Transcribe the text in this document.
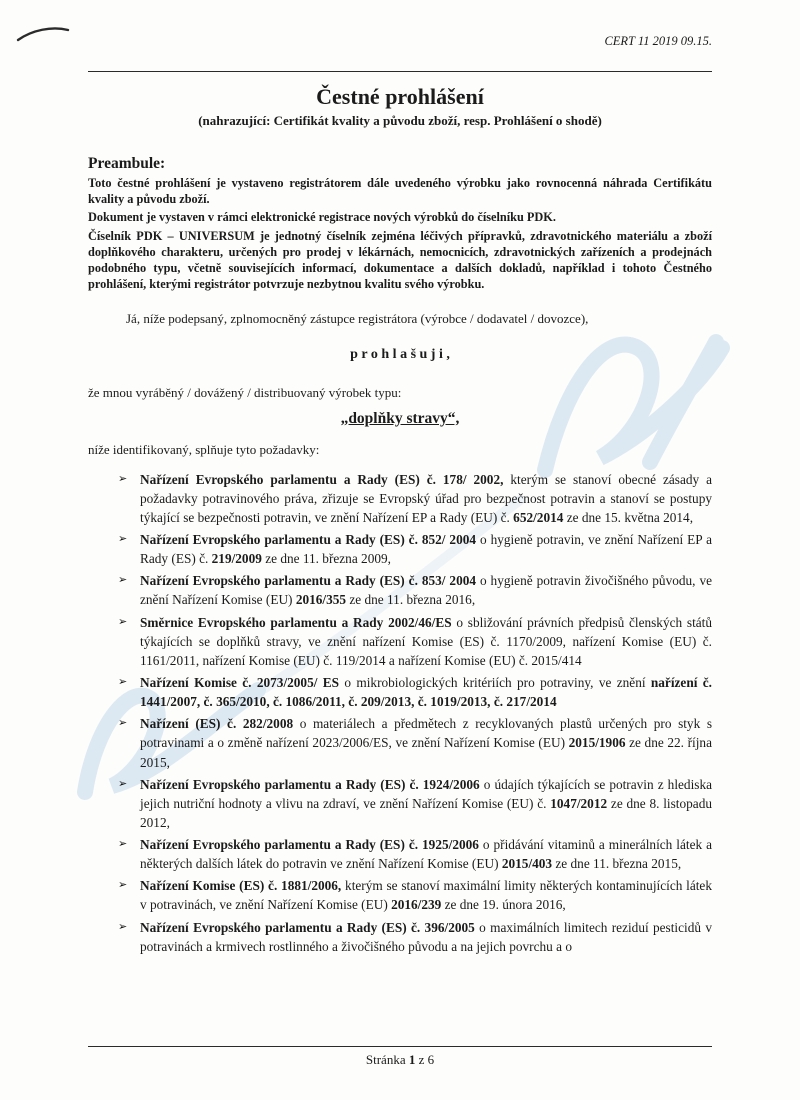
CERT 11 2019 09.15.
Čestné prohlášení
(nahrazující: Certifikát kvality a původu zboží, resp. Prohlášení o shodě)
Preambule:

Toto čestné prohlášení je vystaveno registrátorem dále uvedeného výrobku jako rovnocenná náhrada Certifikátu kvality a původu zboží.

Dokument je vystaven v rámci elektronické registrace nových výrobků do číselníku PDK.

Číselník PDK – UNIVERSUM je jednotný číselník zejména léčivých přípravků, zdravotnického materiálu a zboží doplňkového charakteru, určených pro prodej v lékárnách, nemocnicích, zdravotnických zařízeních a prodejnách podobného typu, včetně souvisejících informací, dokumentace a dalších dokladů, například i tohoto Čestného prohlášení, kterými registrátor potvrzuje nezbytnou kvalitu svého výrobku.

Já, níže podepsaný, zplnomocněný zástupce registrátora (výrobce / dodavatel / dovozce),

p r o h l a š u j i ,

že mnou vyráběný / dovážený / distribuovaný výrobek typu:

„doplňky stravy“,

níže identifikovaný, splňuje tyto požadavky:

➢ Nařízení Evropského parlamentu a Rady (ES) č. 178/ 2002, kterým se stanoví obecné zásady a požadavky potravinového práva, zřizuje se Evropský úřad pro bezpečnost potravin a stanoví se postupy týkající se bezpečnosti potravin, ve znění Nařízení EP a Rady (EU) č. 652/2014 ze dne 15. května 2014,
➢ Nařízení Evropského parlamentu a Rady (ES) č. 852/ 2004 o hygieně potravin, ve znění Nařízení EP a Rady (ES) č. 219/2009 ze dne 11. března 2009,
➢ Nařízení Evropského parlamentu a Rady (ES) č. 853/ 2004 o hygieně potravin živočišného původu, ve znění Nařízení Komise (EU) 2016/355 ze dne 11. března 2016,
➢ Směrnice Evropského parlamentu a Rady 2002/46/ES o sbližování právních předpisů členských států týkajících se doplňků stravy, ve znění nařízení Komise (ES) č. 1170/2009, nařízení Komise (EU) č. 1161/2011, nařízení Komise (EU) č. 119/2014 a nařízení Komise (EU) č. 2015/414
➢ Nařízení Komise č. 2073/2005/ ES o mikrobiologických kritériích pro potraviny, ve znění nařízení č. 1441/2007, č. 365/2010, č. 1086/2011, č. 209/2013, č. 1019/2013, č. 217/2014
➢ Nařízení (ES) č. 282/2008 o materiálech a předmětech z recyklovaných plastů určených pro styk s potravinami a o změně nařízení 2023/2006/ES, ve znění Nařízení Komise (EU) 2015/1906 ze dne 22. října 2015,
➢ Nařízení Evropského parlamentu a Rady (ES) č. 1924/2006 o údajích týkajících se potravin z hlediska jejich nutriční hodnoty a vlivu na zdraví, ve znění Nařízení Komise (EU) č. 1047/2012 ze dne 8. listopadu 2012,
➢ Nařízení Evropského parlamentu a Rady (ES) č. 1925/2006 o přidávání vitaminů a minerálních látek a některých dalších látek do potravin ve znění Nařízení Komise (EU) 2015/403 ze dne 11. března 2015,
➢ Nařízení Komise (ES) č. 1881/2006, kterým se stanoví maximální limity některých kontaminujících látek v potravinách, ve znění Nařízení Komise (EU) 2016/239 ze dne 19. února 2016,
➢ Nařízení Evropského parlamentu a Rady (ES) č. 396/2005 o maximálních limitech reziduí pesticidů v potravinách a krmivech rostlinného a živočišného původu a na jejich povrchu a o
Stránka 1 z 6
